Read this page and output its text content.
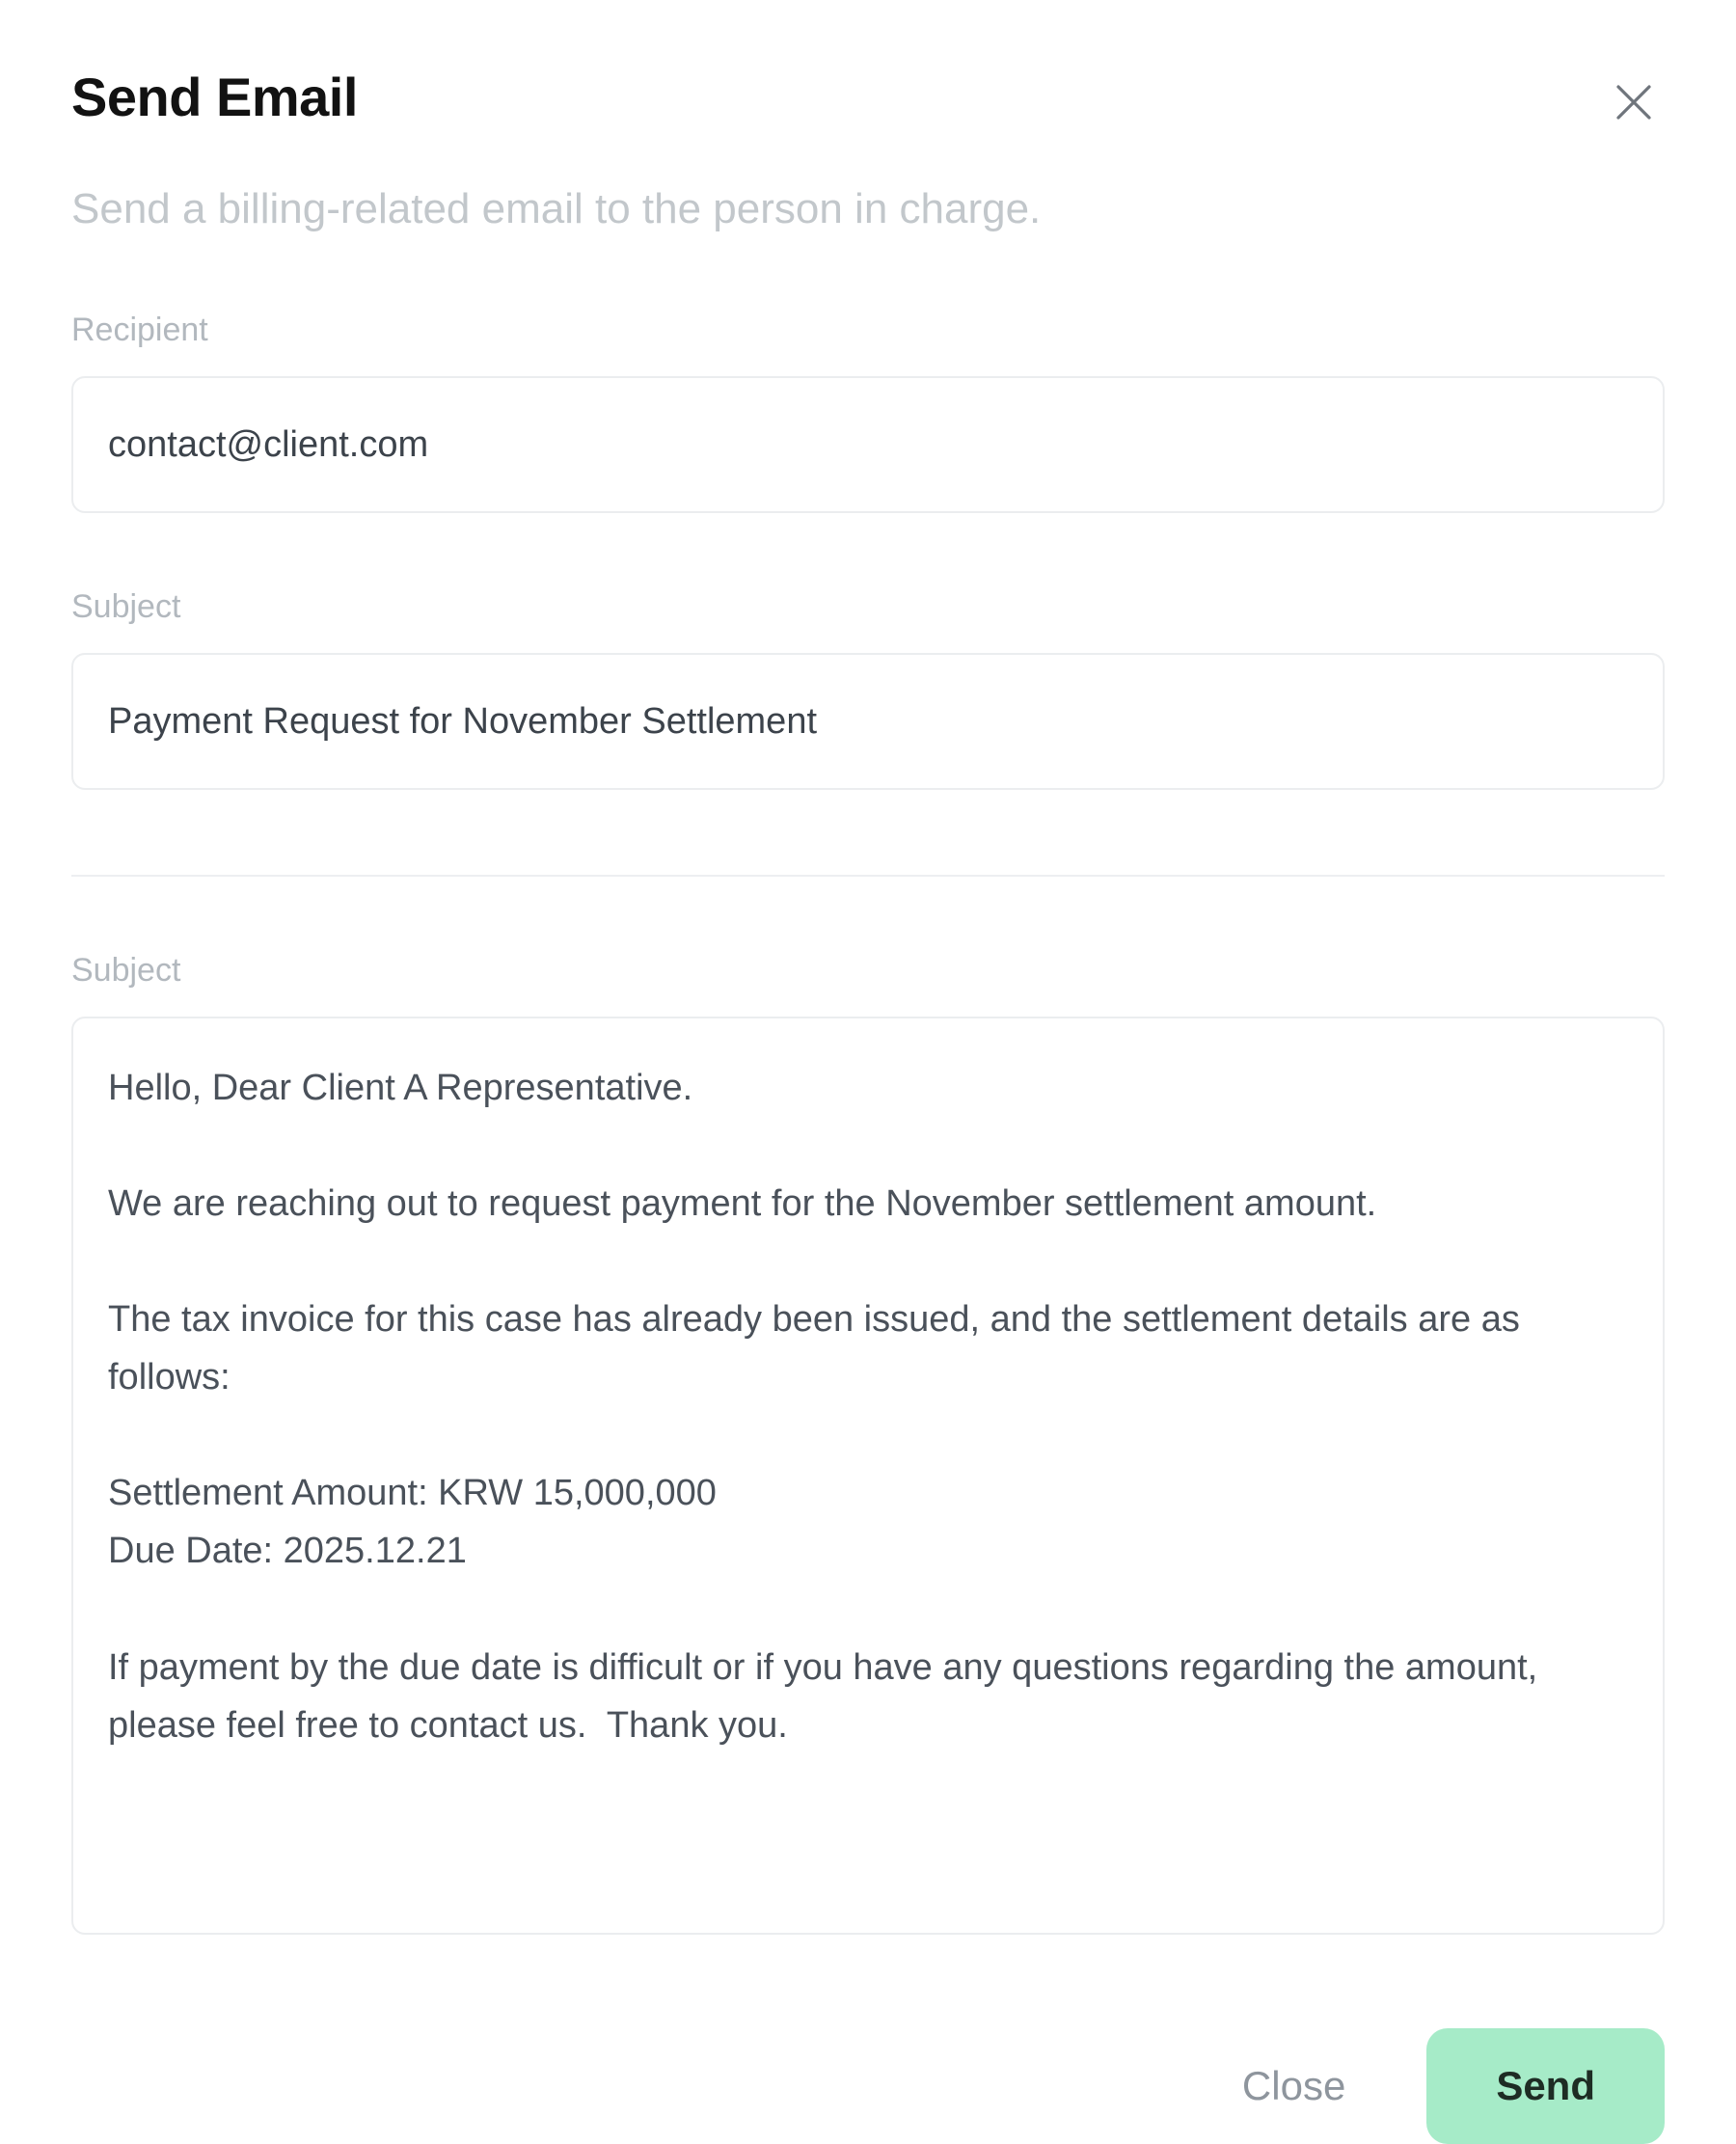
Send Email
Send a billing-related email to the person in charge.
Recipient
contact@client.com
Subject
Payment Request for November Settlement
Subject
Hello, Dear Client A Representative. We are reaching out to request payment for the November settlement amount. The tax invoice for this case has already been issued, and the settlement details are as follows: Settlement Amount: KRW 15,000,000 Due Date: 2025.12.21 If payment by the due date is difficult or if you have any questions regarding the amount, please feel free to contact us. Thank you.
Close	Send
